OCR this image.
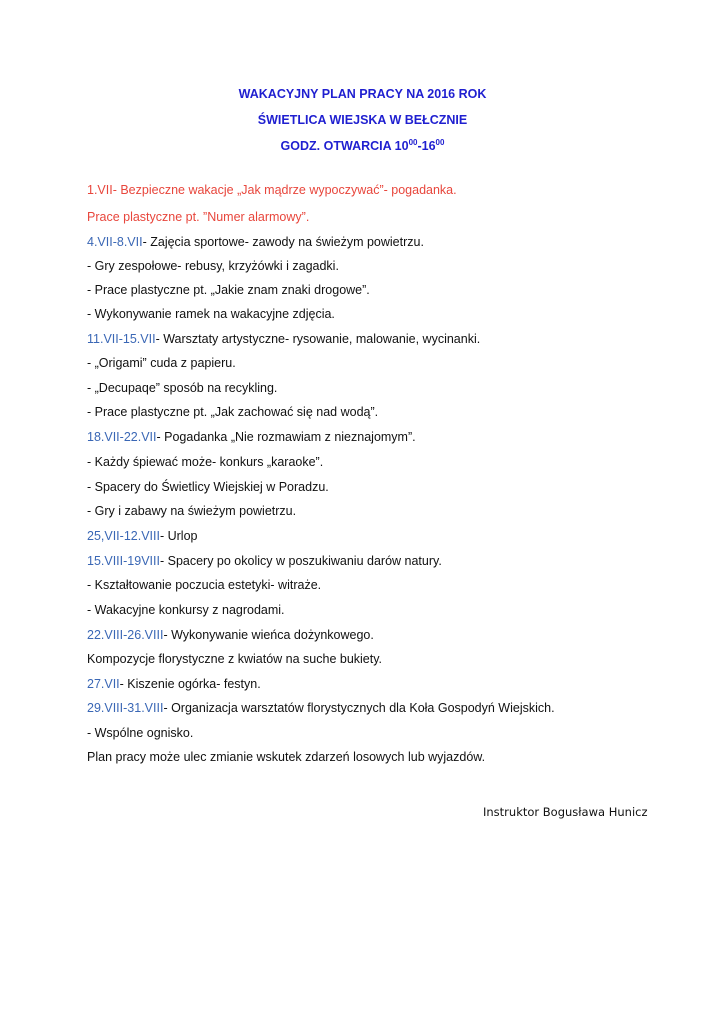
WAKACYJNY PLAN PRACY NA 2016 ROK
ŚWIETLICA WIEJSKA W BEŁCZNIE
GODZ. OTWARCIA $10^{00}-16^{00}$
1.VII- Bezpieczne wakacje „Jak mądrze wypoczywać”- pogadanka.
Prace plastyczne pt. ”Numer alarmowy”.
4.VII-8.VII- Zajęcia sportowe- zawody na świeżym powietrzu.
- Gry zespołowe- rebusy, krzyżówki i zagadki.
- Prace plastyczne pt. „Jakie znam znaki drogowe”.
- Wykonywanie ramek na wakacyjne zdjęcia.
11.VII-15.VII- Warsztaty artystyczne- rysowanie, malowanie, wycinanki.
- „Origami” cuda z papieru.
- „Decupaqe” sposób na recykling.
- Prace plastyczne pt. „Jak zachować się nad wodą”.
18.VII-22.VII- Pogadanka „Nie rozmawiam z nieznajomym”.
- Każdy śpiewać może- konkurs „karaoke”.
- Spacery do Świetlicy Wiejskiej w Poradzu.
- Gry i zabawy na świeżym powietrzu.
25,VII-12.VIII- Urlop
15.VIII-19VIII- Spacery po okolicy w poszukiwaniu darów natury.
- Kształtowanie poczucia estetyki- witraże.
- Wakacyjne konkursy z nagrodami.
22.VIII-26.VIII- Wykonywanie wieńca dożynkowego.
Kompozycje florystyczne z kwiatów na suche bukiety.
27.VII- Kiszenie ogórka- festyn.
29.VIII-31.VIII- Organizacja warsztatów florystycznych dla Koła Gospodyń Wiejskich.
- Wspólne ognisko.
Plan pracy może ulec zmianie wskutek zdarzeń losowych lub wyjazdów.
Instruktor Bogusława Hunicz
